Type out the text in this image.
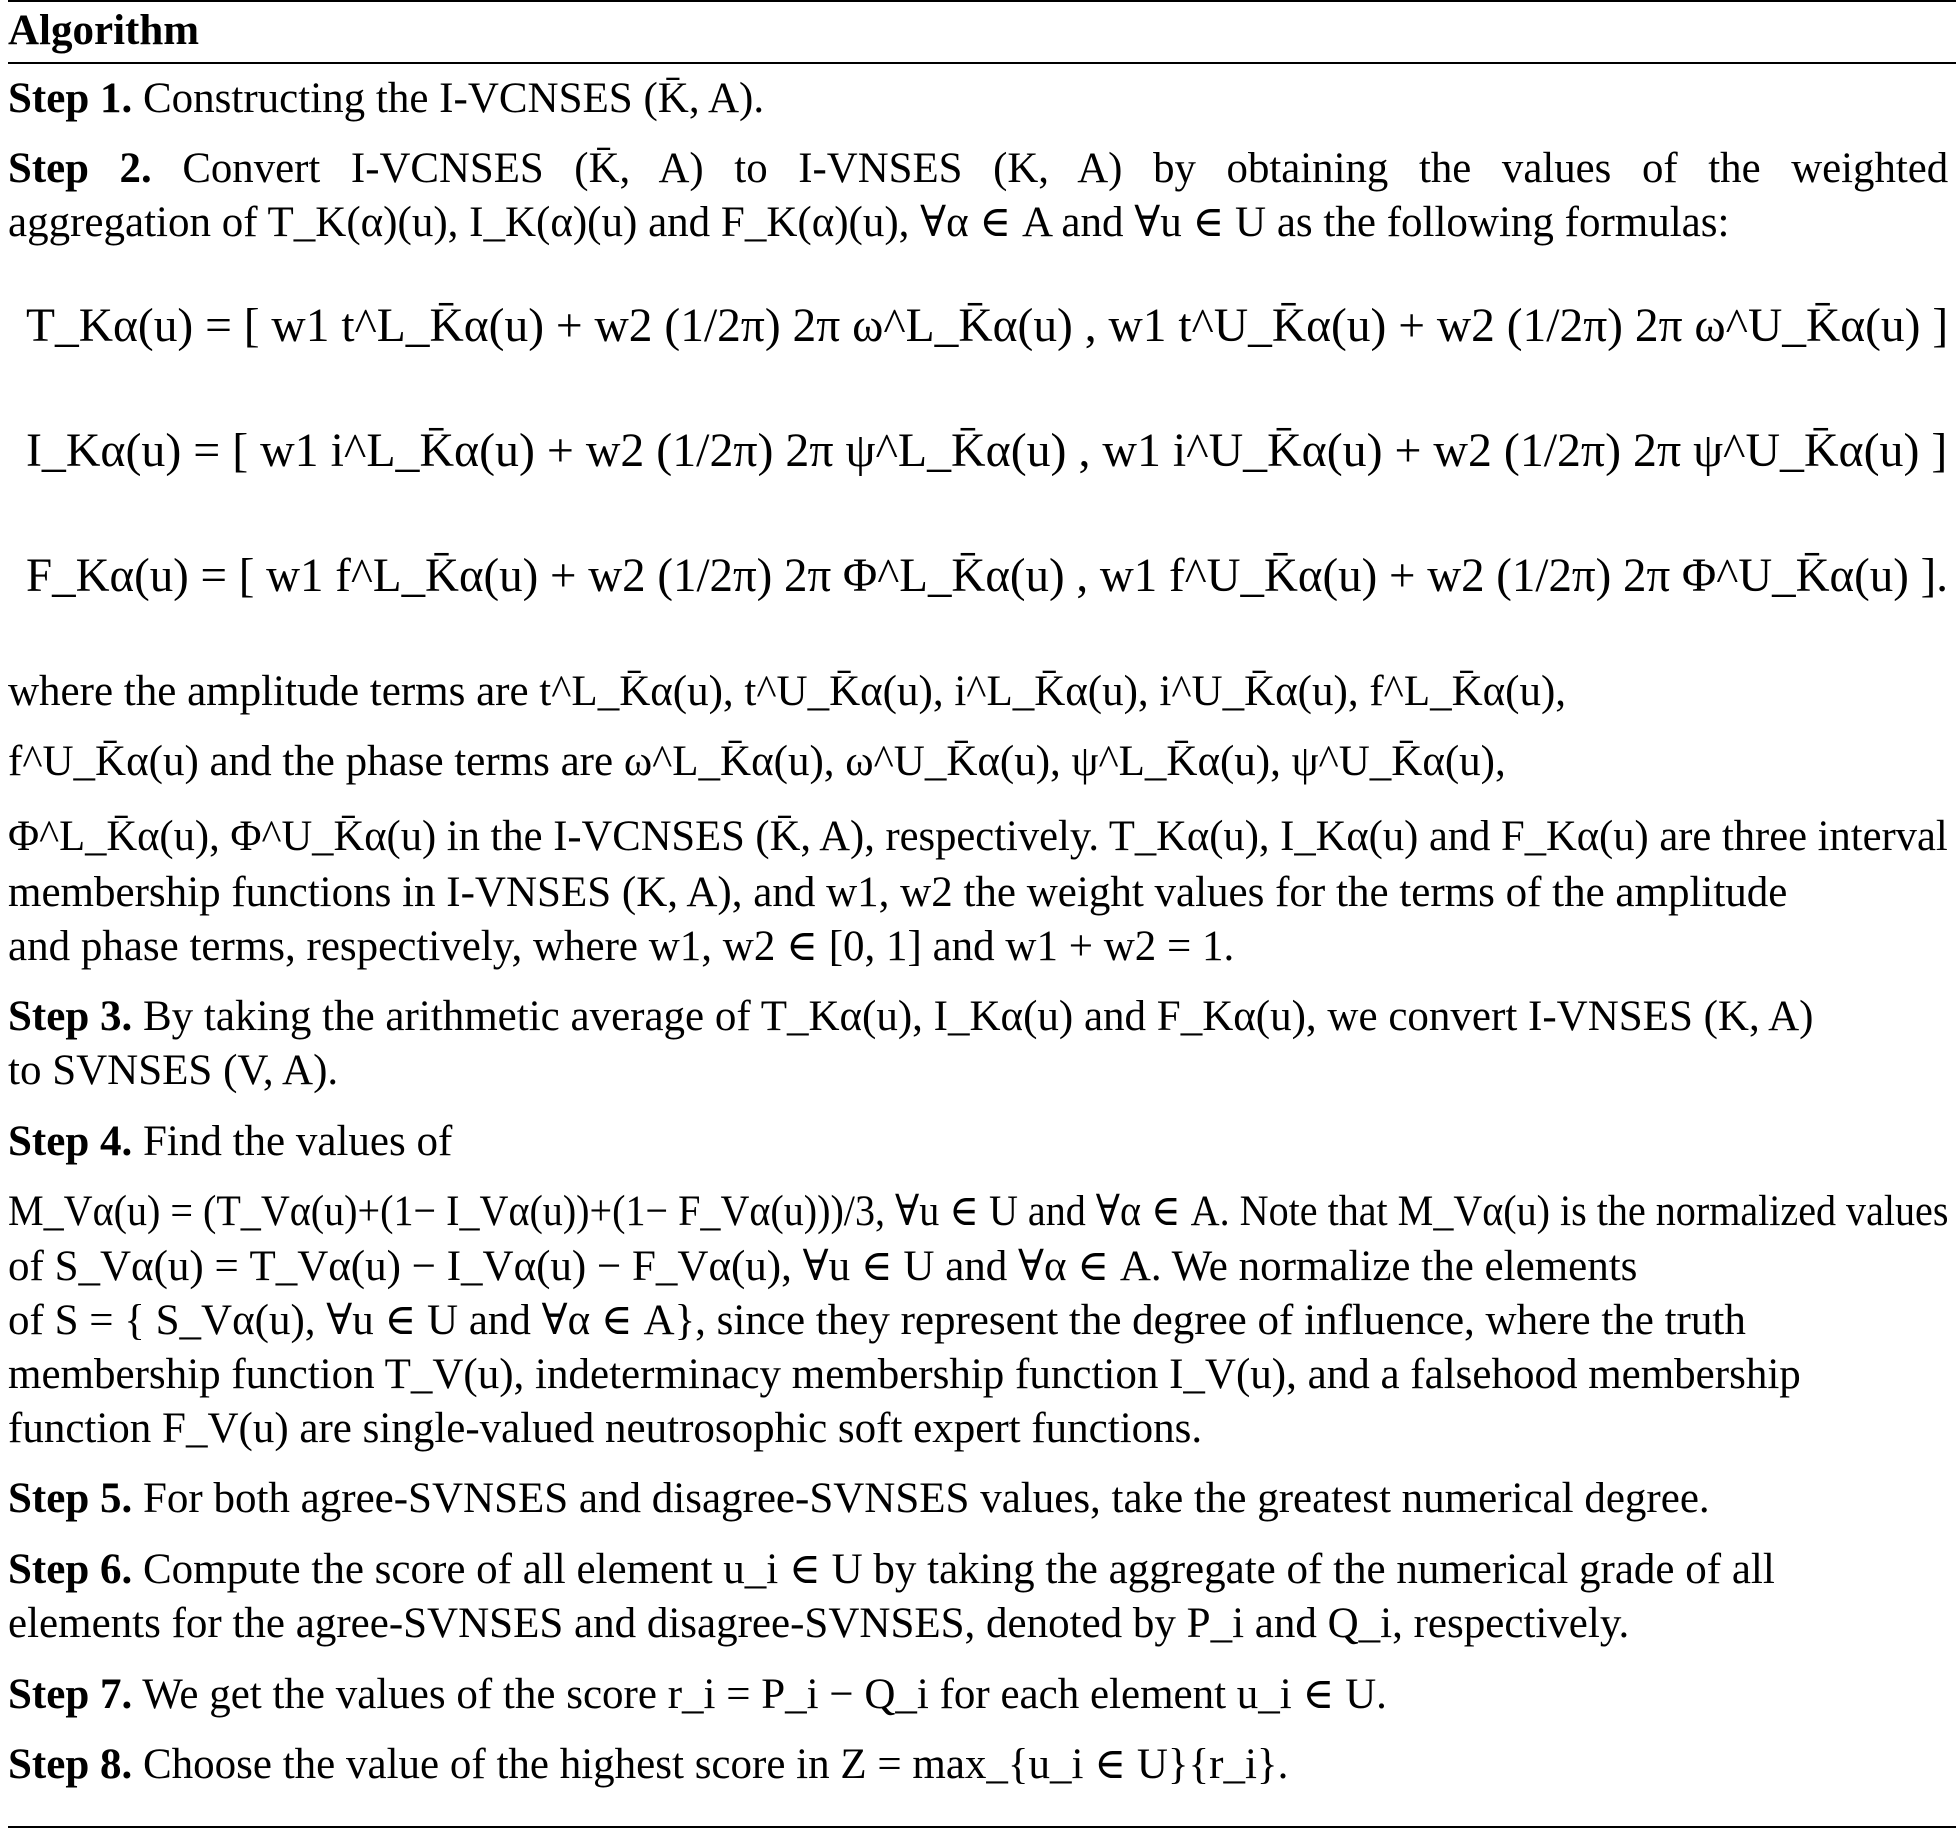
Algorithm
Step 1. Constructing the I-VCNSES (K̄, A).
Step 2. Convert I-VCNSES (K̄, A) to I-VNSES (K, A) by obtaining the values of the weighted
aggregation of T_K(α)(u), I_K(α)(u) and F_K(α)(u), ∀α ∈ A and ∀u ∈ U as the following formulas:
T_Kα(u) = [ w1 t^L_K̄α(u) + w2 (1/2π) 2π ω^L_K̄α(u) , w1 t^U_K̄α(u) + w2 (1/2π) 2π ω^U_K̄α(u) ]
I_Kα(u) = [ w1 i^L_K̄α(u) + w2 (1/2π) 2π ψ^L_K̄α(u) , w1 i^U_K̄α(u) + w2 (1/2π) 2π ψ^U_K̄α(u) ]
F_Kα(u) = [ w1 f^L_K̄α(u) + w2 (1/2π) 2π Φ^L_K̄α(u) , w1 f^U_K̄α(u) + w2 (1/2π) 2π Φ^U_K̄α(u) ].
where the amplitude terms are t^L_K̄α(u), t^U_K̄α(u), i^L_K̄α(u), i^U_K̄α(u), f^L_K̄α(u),
f^U_K̄α(u) and the phase terms are ω^L_K̄α(u), ω^U_K̄α(u), ψ^L_K̄α(u), ψ^U_K̄α(u),
Φ^L_K̄α(u), Φ^U_K̄α(u) in the I-VCNSES (K̄, A), respectively. T_Kα(u), I_Kα(u) and F_Kα(u) are three interval
membership functions in I-VNSES (K, A), and w1, w2 the weight values for the terms of the amplitude
and phase terms, respectively, where w1, w2 ∈ [0, 1] and w1 + w2 = 1.
Step 3. By taking the arithmetic average of T_Kα(u), I_Kα(u) and F_Kα(u), we convert I-VNSES (K, A)
to SVNSES (V, A).
Step 4. Find the values of
M_Vα(u) = (T_Vα(u)+(1− I_Vα(u))+(1− F_Vα(u)))/3, ∀u ∈ U and ∀α ∈ A. Note that M_Vα(u) is the normalized values
of S_Vα(u) = T_Vα(u) − I_Vα(u) − F_Vα(u), ∀u ∈ U and ∀α ∈ A. We normalize the elements
of S = { S_Vα(u), ∀u ∈ U and ∀α ∈ A}, since they represent the degree of influence, where the truth
membership function T_V(u), indeterminacy membership function I_V(u), and a falsehood membership
function F_V(u) are single-valued neutrosophic soft expert functions.
Step 5. For both agree-SVNSES and disagree-SVNSES values, take the greatest numerical degree.
Step 6. Compute the score of all element u_i ∈ U by taking the aggregate of the numerical grade of all
elements for the agree-SVNSES and disagree-SVNSES, denoted by P_i and Q_i, respectively.
Step 7. We get the values of the score r_i = P_i − Q_i for each element u_i ∈ U.
Step 8. Choose the value of the highest score in Z = max_{u_i ∈ U}{r_i}.
